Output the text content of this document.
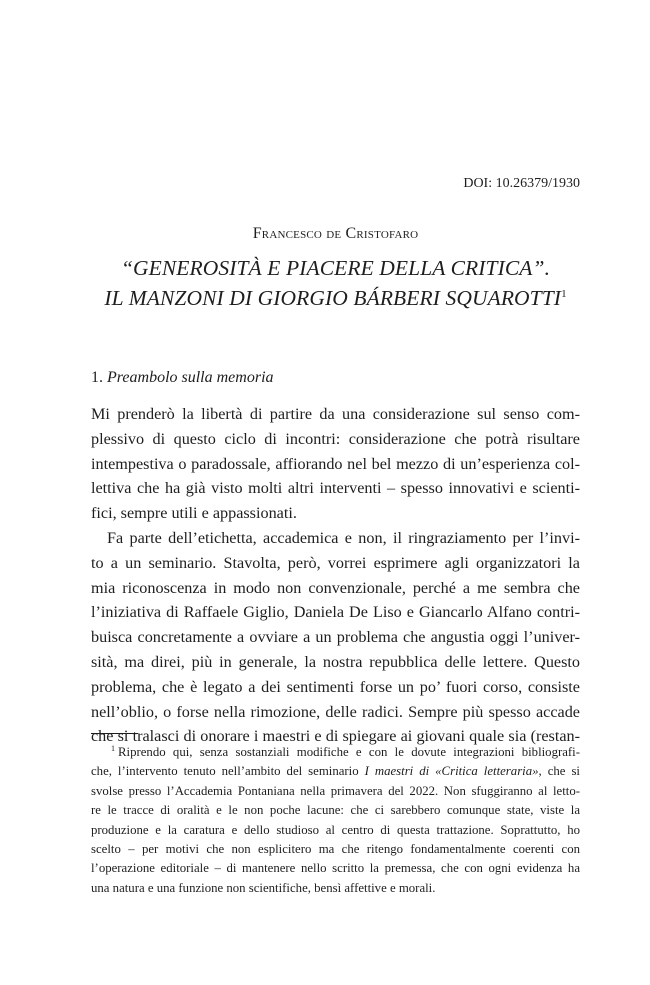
DOI: 10.26379/1930
Francesco de Cristofaro
“GENEROSITÀ E PIACERE DELLA CRITICA”.
IL MANZONI DI GIORGIO BÁRBERI SQUAROTTI$^1$
1. Preambolo sulla memoria

Mi prenderò la libertà di partire da una considerazione sul senso com-
plessivo di questo ciclo di incontri: considerazione che potrà risultare
intempestiva o paradossale, affiorando nel bel mezzo di un’esperienza col-
lettiva che ha già visto molti altri interventi – spesso innovativi e scienti-
fici, sempre utili e appassionati.

Fa parte dell’etichetta, accademica e non, il ringraziamento per l’invi-
to a un seminario. Stavolta, però, vorrei esprimere agli organizzatori la
mia riconoscenza in modo non convenzionale, perché a me sembra che
l’iniziativa di Raffaele Giglio, Daniela De Liso e Giancarlo Alfano contri-
buisca concretamente a ovviare a un problema che angustia oggi l’univer-
sità, ma direi, più in generale, la nostra repubblica delle lettere. Questo
problema, che è legato a dei sentimenti forse un po’ fuori corso, consiste
nell’oblio, o forse nella rimozione, delle radici. Sempre più spesso accade
che si tralasci di onorare i maestri e di spiegare ai giovani quale sia (restan-

$^1$ Riprendo qui, senza sostanziali modifiche e con le dovute integrazioni bibliografi-
che, l’intervento tenuto nell’ambito del seminario I maestri di «Critica letteraria», che si
svolse presso l’Accademia Pontaniana nella primavera del 2022. Non sfuggiranno al letto-
re le tracce di oralità e le non poche lacune: che ci sarebbero comunque state, viste la
produzione e la caratura e dello studioso al centro di questa trattazione. Soprattutto, ho
scelto – per motivi che non esplicitero ma che ritengo fondamentalmente coerenti con
l’operazione editoriale – di mantenere nello scritto la premessa, che con ogni evidenza ha
una natura e una funzione non scientifiche, bensì affettive e morali.
